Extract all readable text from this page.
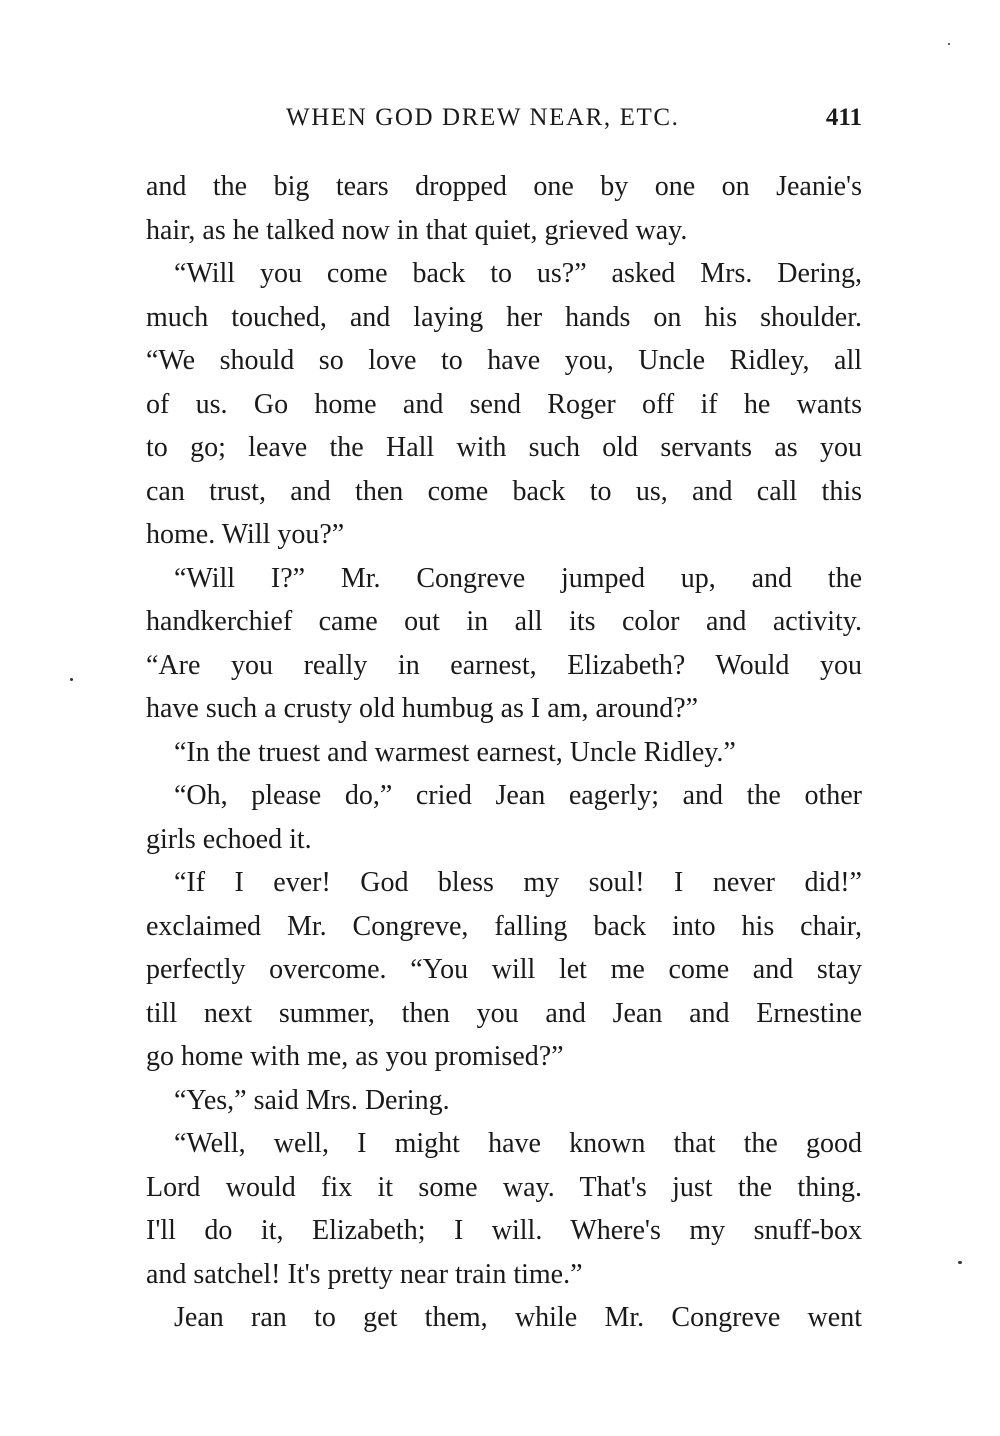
WHEN GOD DREW NEAR, ETC.	411
and the big tears dropped one by one on Jeanie's
hair, as he talked now in that quiet, grieved way.
“Will you come back to us?” asked Mrs. Dering,
much touched, and laying her hands on his shoulder.
“We should so love to have you, Uncle Ridley, all
of us. Go home and send Roger off if he wants
to go; leave the Hall with such old servants as you
can trust, and then come back to us, and call this
home. Will you?”
“Will I?” Mr. Congreve jumped up, and the
handkerchief came out in all its color and activity.
“Are you really in earnest, Elizabeth? Would you
have such a crusty old humbug as I am, around?”
“In the truest and warmest earnest, Uncle Ridley.”
“Oh, please do,” cried Jean eagerly; and the other
girls echoed it.
“If I ever! God bless my soul! I never did!”
exclaimed Mr. Congreve, falling back into his chair,
perfectly overcome. “You will let me come and stay
till next summer, then you and Jean and Ernestine
go home with me, as you promised?”
“Yes,” said Mrs. Dering.
“Well, well, I might have known that the good
Lord would fix it some way. That's just the thing.
I'll do it, Elizabeth; I will. Where's my snuff-box
and satchel! It's pretty near train time.”
Jean ran to get them, while Mr. Congreve went
